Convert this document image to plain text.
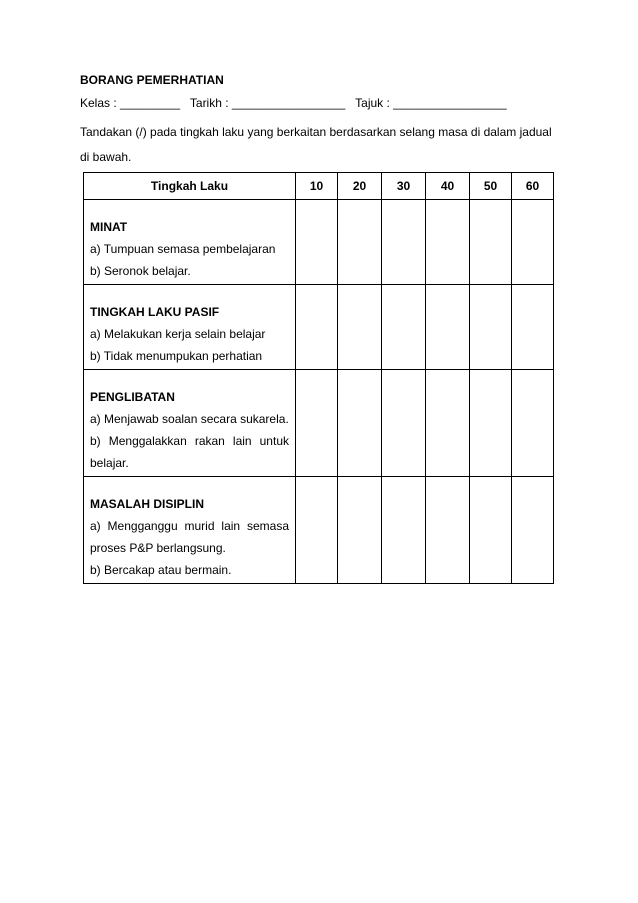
BORANG PEMERHATIAN
Kelas : _________ Tarikh : _________________ Tajuk : _________________
Tandakan (/) pada tingkah laku yang berkaitan berdasarkan selang masa di dalam jadual di bawah.
Tingkah Laku	10	20	30	40	50	60

MINAT
a) Tumpuan semasa pembelajaran
b) Seronok belajar.						

TINGKAH LAKU PASIF
a) Melakukan kerja selain belajar
b) Tidak menumpukan perhatian						

PENGLIBATAN
a) Menjawab soalan secara sukarela.
b) Menggalakkan rakan lain untuk
belajar.						

MASALAH DISIPLIN
a) Mengganggu murid lain semasa
proses P&P berlangsung.
b) Bercakap atau bermain.						
